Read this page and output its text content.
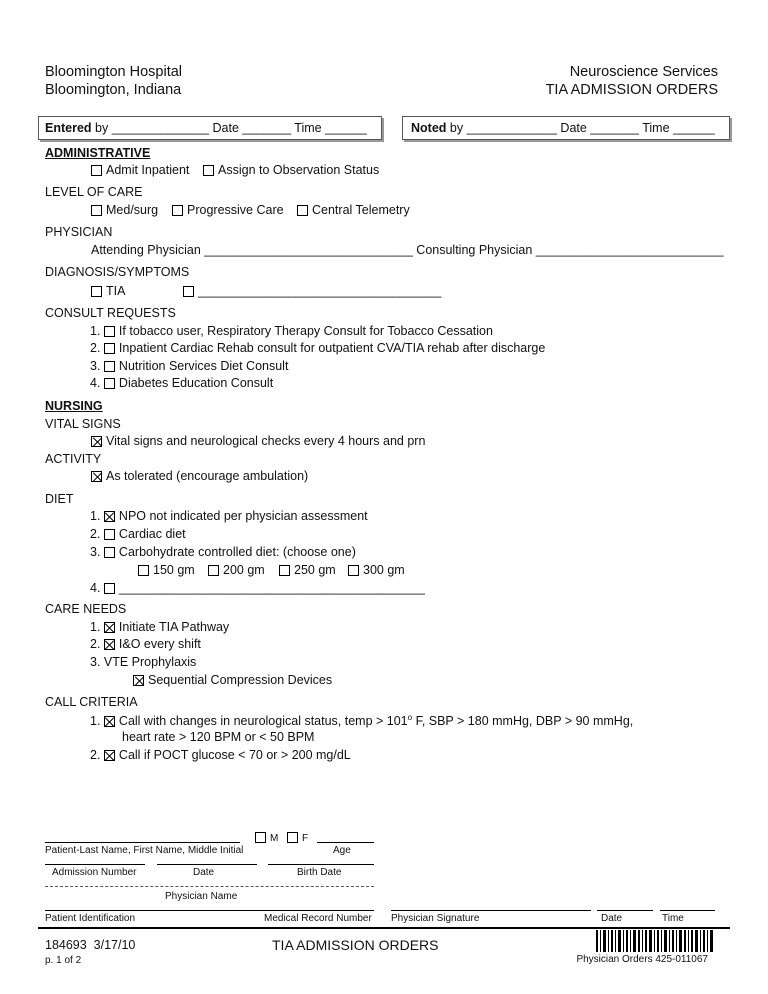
Bloomington Hospital
Bloomington, Indiana
Neuroscience Services
TIA ADMISSION ORDERS
Entered by ______________ Date _______ Time ______	Noted by _____________ Date _______ Time ______
ADMINISTRATIVE
Admit Inpatient	Assign to Observation Status
LEVEL OF CARE
Med/surg	Progressive Care	Central Telemetry
PHYSICIAN
Attending Physician ______________________________ Consulting Physician ___________________________
DIAGNOSIS/SYMPTOMS
TIA	___________________________________
CONSULT REQUESTS
1. If tobacco user, Respiratory Therapy Consult for Tobacco Cessation
2. Inpatient Cardiac Rehab consult for outpatient CVA/TIA rehab after discharge
3. Nutrition Services Diet Consult
4. Diabetes Education Consult
NURSING
VITAL SIGNS
Vital signs and neurological checks every 4 hours and prn
ACTIVITY
As tolerated (encourage ambulation)
DIET
1. NPO not indicated per physician assessment
2. Cardiac diet
3. Carbohydrate controlled diet: (choose one)
150 gm	200 gm	250 gm	300 gm
4. ____________________________________________
CARE NEEDS
1. Initiate TIA Pathway
2. I&O every shift
3. VTE Prophylaxis
Sequential Compression Devices
CALL CRITERIA
1. Call with changes in neurological status, temp > $101^o$ F, SBP > 180 mmHg, DBP > 90 mmHg,
heart rate > 120 BPM or < 50 BPM
2. Call if POCT glucose < 70 or > 200 mg/dL
M	F
Patient-Last Name, First Name, Middle Initial	Age
Admission Number	Date	Birth Date
Physician Name
Patient Identification	Medical Record Number Physician Signature	Date	Time
184693 3/17/10
p. 1 of 2
TIA ADMISSION ORDERS
Physician Orders 425-011067
